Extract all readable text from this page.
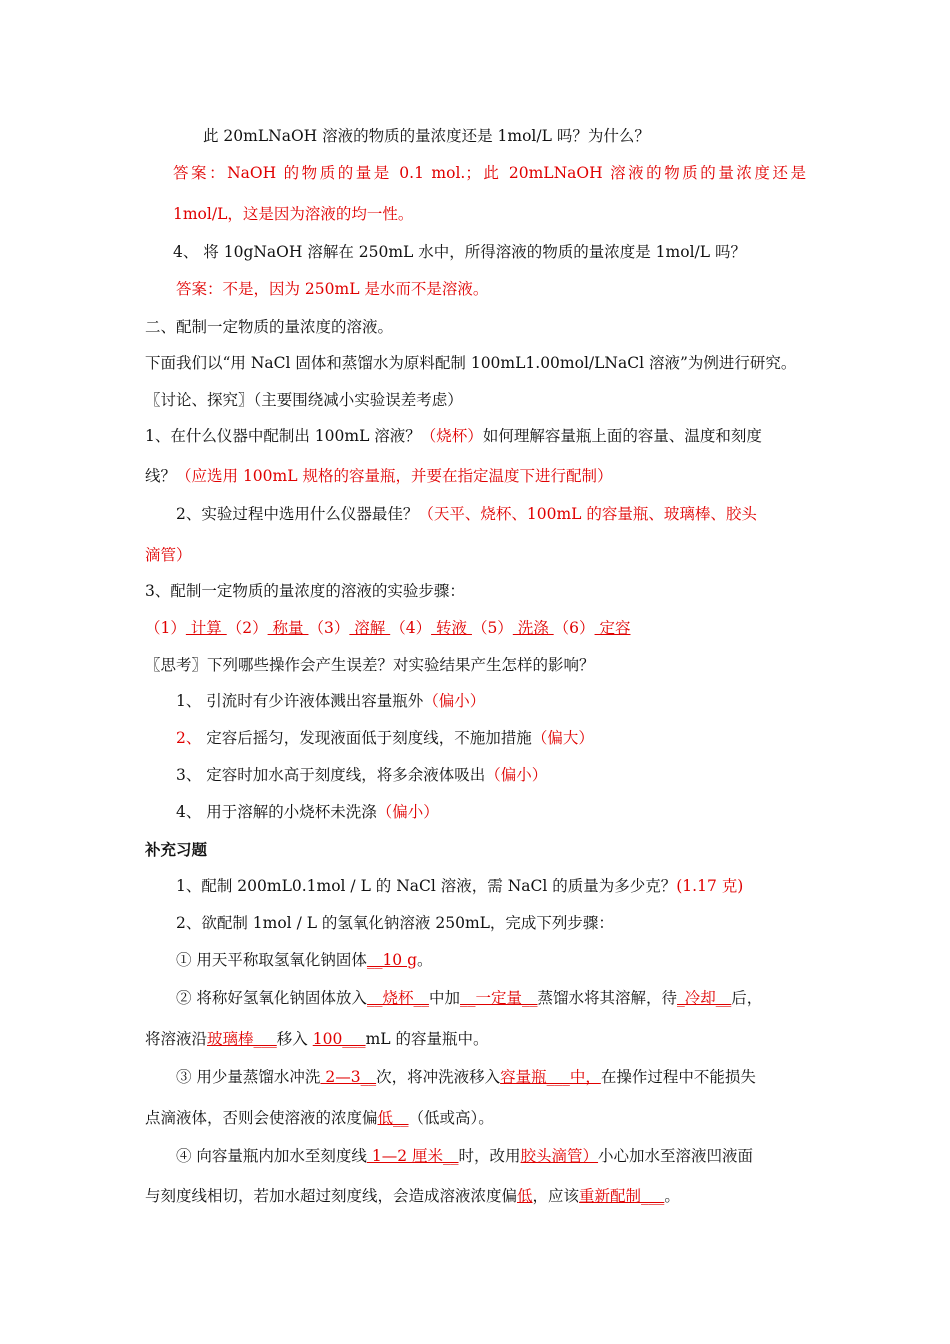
此 20mLNaOH 溶液的物质的量浓度还是 1mol/L 吗？为什么？
答案：NaOH 的物质的量是 0.1 mol.；此 20mLNaOH 溶液的物质的量浓度还是
1mol/L，这是因为溶液的均一性。
4、 将 10gNaOH 溶解在 250mL 水中，所得溶液的物质的量浓度是 1mol/L 吗？
答案：不是，因为 250mL 是水而不是溶液。
二、配制一定物质的量浓度的溶液。
下面我们以“用 NaCl 固体和蒸馏水为原料配制 100mL1.00mol/LNaCl 溶液”为例进行研究。
〖讨论、探究〗（主要围绕减小实验误差考虑）
1、在什么仪器中配制出 100mL 溶液？（烧杯）如何理解容量瓶上面的容量、温度和刻度
线？（应选用 100mL 规格的容量瓶，并要在指定温度下进行配制）
2、实验过程中选用什么仪器最佳？（天平、烧杯、100mL 的容量瓶、玻璃棒、胶头
滴管）
3、配制一定物质的量浓度的溶液的实验步骤：
（1） 计算 （2） 称量 （3） 溶解 （4） 转液 （5） 洗涤 （6） 定容
〖思考〗下列哪些操作会产生误差？对实验结果产生怎样的影响？
1、 引流时有少许液体溅出容量瓶外（偏小）
2、 定容后摇匀，发现液面低于刻度线，不施加措施（偏大）
3、 定容时加水高于刻度线，将多余液体吸出（偏小）
4、 用于溶解的小烧杯未洗涤（偏小）
补充习题
1、配制 200mL0.1mol / L 的 NaCl 溶液，需 NaCl 的质量为多少克？(1.17 克)
2、欲配制 1mol / L 的氢氧化钠溶液 250mL，完成下列步骤：
① 用天平称取氢氧化钠固体__10 g。
② 将称好氢氧化钠固体放入__烧杯__中加__一定量__蒸馏水将其溶解，待_冷却__后，
将溶液沿玻璃棒___移入 100___mL 的容量瓶中。
③ 用少量蒸馏水冲洗 2—3__次，将冲洗液移入容量瓶___中，在操作过程中不能损失
点滴液体，否则会使溶液的浓度偏低__（低或高）。
④ 向容量瓶内加水至刻度线 1—2 厘米__时，改用胶头滴管）小心加水至溶液凹液面
与刻度线相切，若加水超过刻度线，会造成溶液浓度偏低，应该重新配制___。
